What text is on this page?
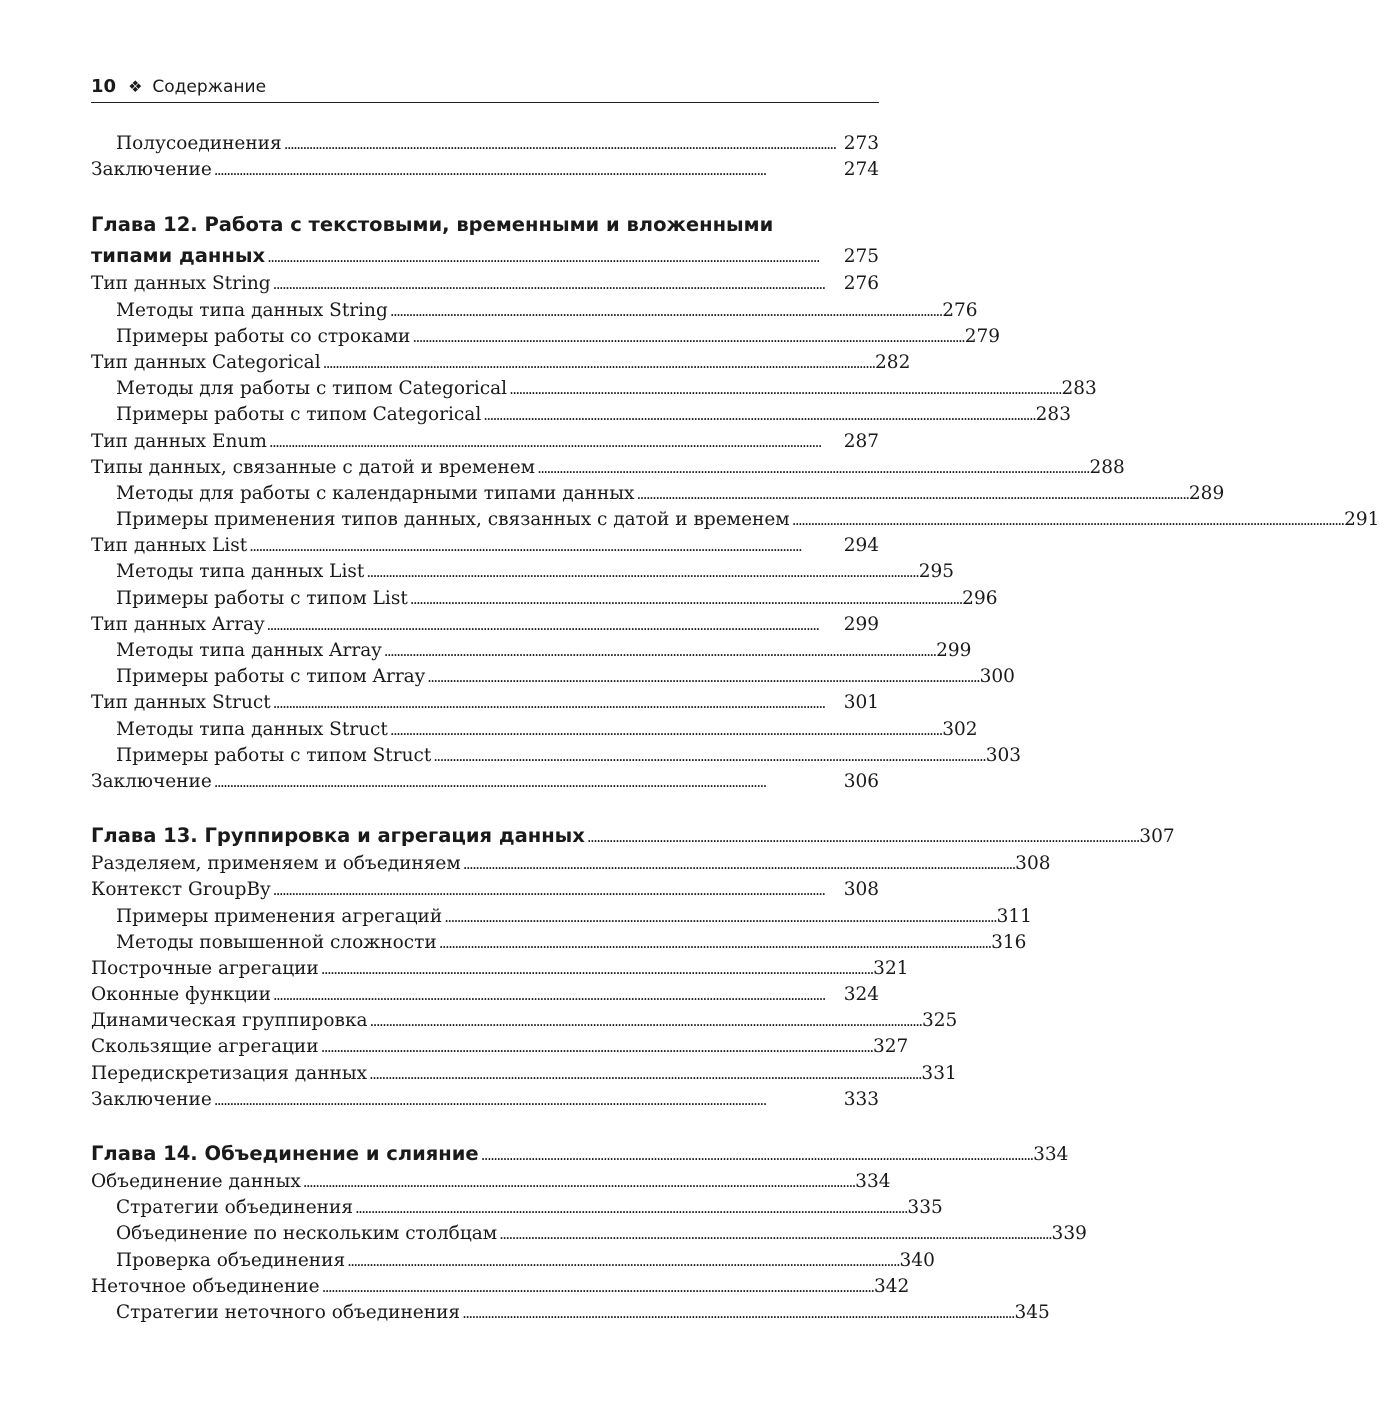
10 ❖ Содержание
Полусоединения . . .	273
Заключение . . .	274
Глава 12. Работа с текстовыми, временными и вложенными
типами данных . . .	275
Тип данных String . . .	276
Методы типа данных String . . .	276
Примеры работы со строками . . .	279
Тип данных Categorical . . .	282
Методы для работы с типом Categorical . . .	283
Примеры работы с типом Categorical . . .	283
Тип данных Enum . . .	287
Типы данных, связанные с датой и временем . . .	288
Методы для работы с календарными типами данных . . .	289
Примеры применения типов данных, связанных с датой и временем . . .	291
Тип данных List . . .	294
Методы типа данных List . . .	295
Примеры работы с типом List . . .	296
Тип данных Array . . .	299
Методы типа данных Array . . .	299
Примеры работы с типом Array . . .	300
Тип данных Struct . . .	301
Методы типа данных Struct . . .	302
Примеры работы с типом Struct . . .	303
Заключение . . .	306
Глава 13. Группировка и агрегация данных . . .	307
Разделяем, применяем и объединяем . . .	308
Контекст GroupBy . . .	308
Примеры применения агрегаций . . .	311
Методы повышенной сложности . . .	316
Построчные агрегации . . .	321
Оконные функции . . .	324
Динамическая группировка . . .	325
Скользящие агрегации . . .	327
Передискретизация данных . . .	331
Заключение . . .	333
Глава 14. Объединение и слияние . . .	334
Объединение данных . . .	334
Стратегии объединения . . .	335
Объединение по нескольким столбцам . . .	339
Проверка объединения . . .	340
Неточное объединение . . .	342
Стратегии неточного объединения . . .	345
